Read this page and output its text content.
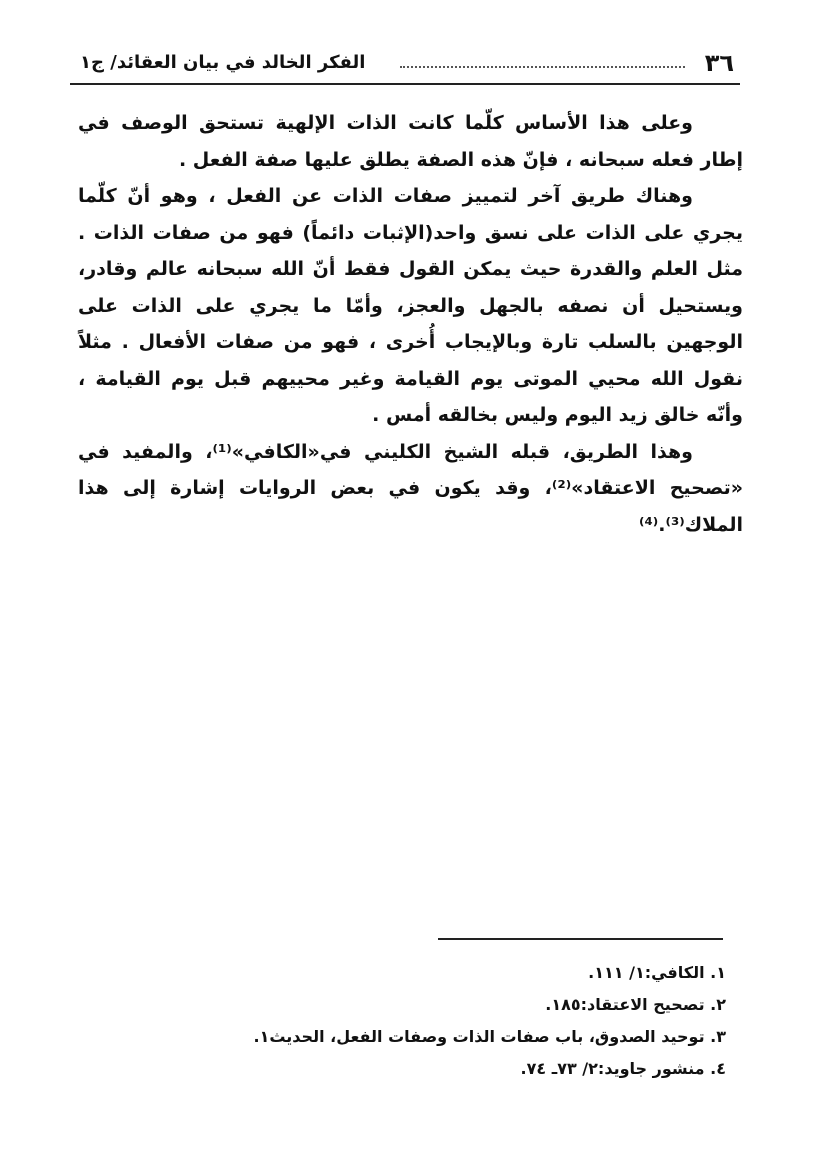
٣٦
الفكر الخالد في بيان العقائد/ ج١

وعلى هذا الأساس كلّما كانت الذات الإلهية تستحق الوصف في إطار فعله سبحانه ، فإنّ هذه الصفة يطلق عليها صفة الفعل .

وهناك طريق آخر لتمييز صفات الذات عن الفعل ، وهو أنّ كلّما يجري على الذات على نسق واحد(الإثبات دائماً) فهو من صفات الذات . مثل العلم والقدرة حيث يمكن القول فقط أنّ الله سبحانه عالم وقادر، ويستحيل أن نصفه بالجهل والعجز، وأمّا ما يجري على الذات على الوجهين بالسلب تارة وبالإيجاب أُخرى ، فهو من صفات الأفعال . مثلاً نقول الله محيي الموتى يوم القيامة وغير محييهم قبل يوم القيامة ، وأنّه خالق زيد اليوم وليس بخالقه أمس .

وهذا الطريق، قبله الشيخ الكليني في«الكافي»⁽¹⁾، والمفيد في «تصحيح الاعتقاد»⁽²⁾، وقد يكون في بعض الروايات إشارة إلى هذا الملاك⁽³⁾.⁽⁴⁾

١. الكافي:١/ ١١١.
٢. تصحيح الاعتقاد:١٨٥.
٣. توحيد الصدوق، باب صفات الذات وصفات الفعل، الحديث١.
٤. منشور جاويد:٢/ ٧٣ـ ٧٤.
